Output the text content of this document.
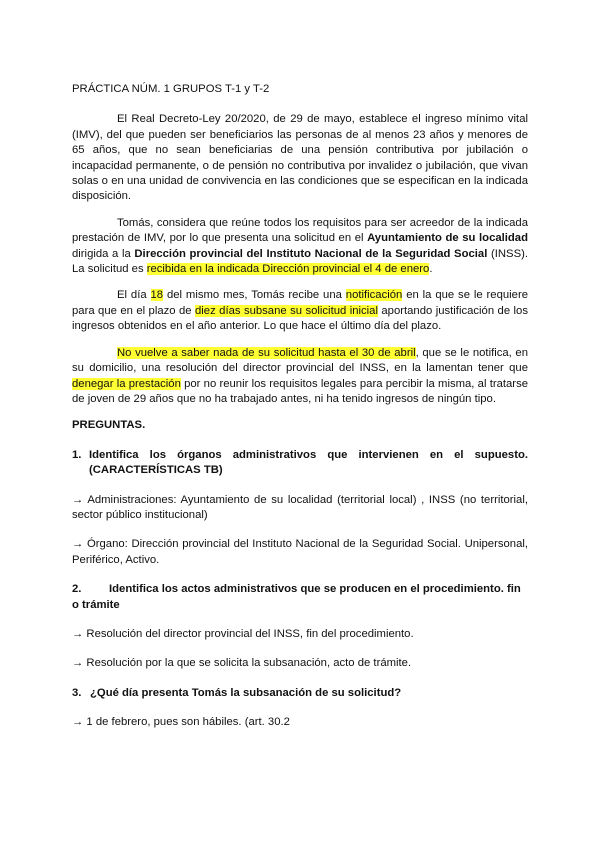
PRÁCTICA NÚM. 1 GRUPOS T-1 y T-2

El Real Decreto-Ley 20/2020, de 29 de mayo, establece el ingreso mínimo vital (IMV), del que pueden ser beneficiarios las personas de al menos 23 años y menores de 65 años, que no sean beneficiarias de una pensión contributiva por jubilación o incapacidad permanente, o de pensión no contributiva por invalidez o jubilación, que vivan solas o en una unidad de convivencia en las condiciones que se especifican en la indicada disposición.

Tomás, considera que reúne todos los requisitos para ser acreedor de la indicada prestación de IMV, por lo que presenta una solicitud en el Ayuntamiento de su localidad dirigida a la Dirección provincial del Instituto Nacional de la Seguridad Social (INSS). La solicitud es recibida en la indicada Dirección provincial el 4 de enero.

El día 18 del mismo mes, Tomás recibe una notificación en la que se le requiere para que en el plazo de diez días subsane su solicitud inicial aportando justificación de los ingresos obtenidos en el año anterior. Lo que hace el último día del plazo.

No vuelve a saber nada de su solicitud hasta el 30 de abril, que se le notifica, en su domicilio, una resolución del director provincial del INSS, en la lamentan tener que denegar la prestación por no reunir los requisitos legales para percibir la misma, al tratarse de joven de 29 años que no ha trabajado antes, ni ha tenido ingresos de ningún tipo.

PREGUNTAS.

1. Identifica los órganos administrativos que intervienen en el supuesto. (CARACTERÍSTICAS TB)

→ Administraciones: Ayuntamiento de su localidad (territorial local) , INSS (no territorial, sector público institucional)

→ Órgano: Dirección provincial del Instituto Nacional de la Seguridad Social. Unipersonal, Periférico, Activo.

2. Identifica los actos administrativos que se producen en el procedimiento. fin o trámite

→ Resolución del director provincial del INSS, fin del procedimiento.

→ Resolución por la que se solicita la subsanación, acto de trámite.

3. ¿Qué día presenta Tomás la subsanación de su solicitud?

→ 1 de febrero, pues son hábiles. (art. 30.2
